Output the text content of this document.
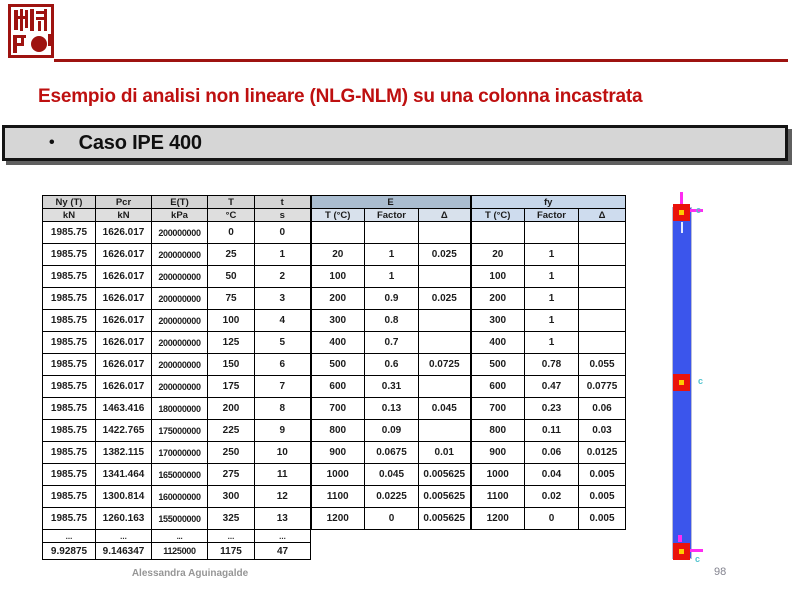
Esempio di analisi non lineare (NLG-NLM) su una colonna incastrata
• Caso IPE 400
Ny (T)	Pcr	E(T)	T	t	E			fy		
kN	kN	kPa	°C	s	T (°C)	Factor	Δ	T (°C)	Factor	Δ
1985.75	1626.017	200000000	0	0						
1985.75	1626.017	200000000	25	1	20	1	0.025	20	1	
1985.75	1626.017	200000000	50	2	100	1		100	1	
1985.75	1626.017	200000000	75	3	200	0.9	0.025	200	1	
1985.75	1626.017	200000000	100	4	300	0.8		300	1	
1985.75	1626.017	200000000	125	5	400	0.7		400	1	
1985.75	1626.017	200000000	150	6	500	0.6	0.0725	500	0.78	0.055
1985.75	1626.017	200000000	175	7	600	0.31		600	0.47	0.0775
1985.75	1463.416	180000000	200	8	700	0.13	0.045	700	0.23	0.06
1985.75	1422.765	175000000	225	9	800	0.09		800	0.11	0.03
1985.75	1382.115	170000000	250	10	900	0.0675	0.01	900	0.06	0.0125
1985.75	1341.464	165000000	275	11	1000	0.045	0.005625	1000	0.04	0.005
1985.75	1300.814	160000000	300	12	1100	0.0225	0.005625	1100	0.02	0.005
1985.75	1260.163	155000000	325	13	1200	0	0.005625	1200	0	0.005
...	...	...	...	...						
9.92875	9.146347	1125000	1175	47						
c
c
c
Alessandra Aguinagalde	98
